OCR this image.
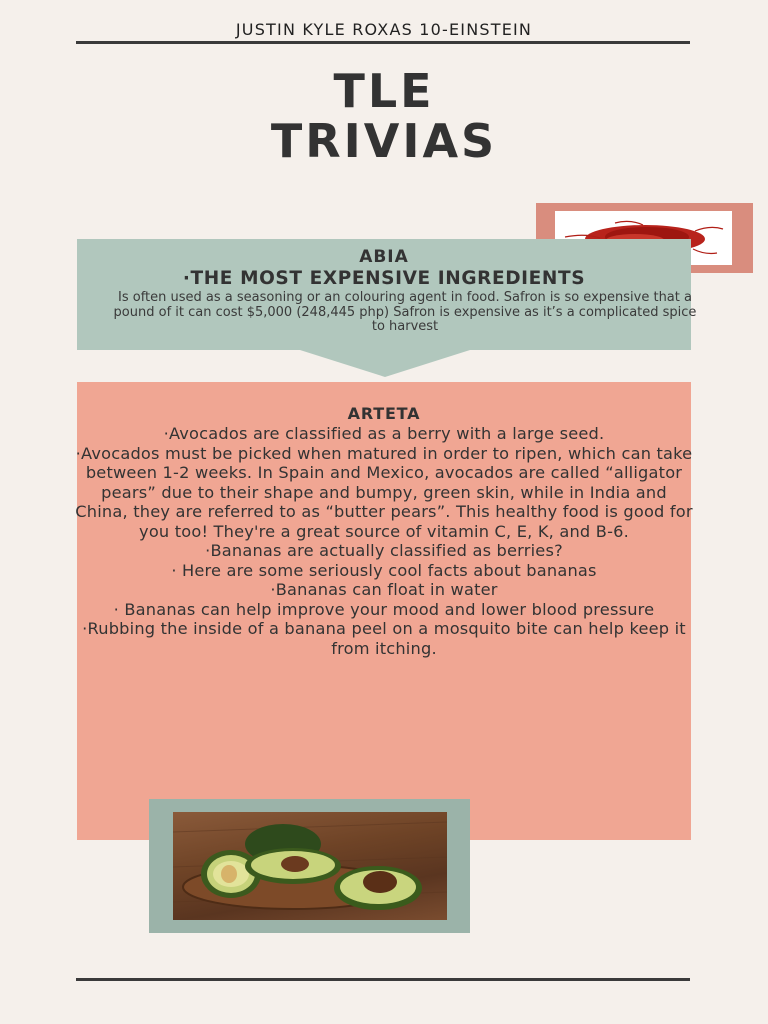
JUSTIN KYLE ROXAS 10-EINSTEIN
TLE
TRIVIAS
ABIA
·THE MOST EXPENSIVE INGREDIENTS
Is often used as a seasoning or an colouring agent in food. Safron is so expensive that a pound of it can cost $5,000 (248,445 php) Safron is expensive as it’s a complicated spice to harvest
ARTETA

·Avocados are classified as a berry with a large seed.

·Avocados must be picked when matured in order to ripen, which can take between 1-2 weeks. In Spain and Mexico, avocados are called “alligator pears” due to their shape and bumpy, green skin, while in India and China, they are referred to as “butter pears”. This healthy food is good for you too! They're a great source of vitamin C, E, K, and B-6.

·Bananas are actually classified as berries?

· Here are some seriously cool facts about bananas

·Bananas can float in water

· Bananas can help improve your mood and lower blood pressure

·Rubbing the inside of a banana peel on a mosquito bite can help keep it from itching.
